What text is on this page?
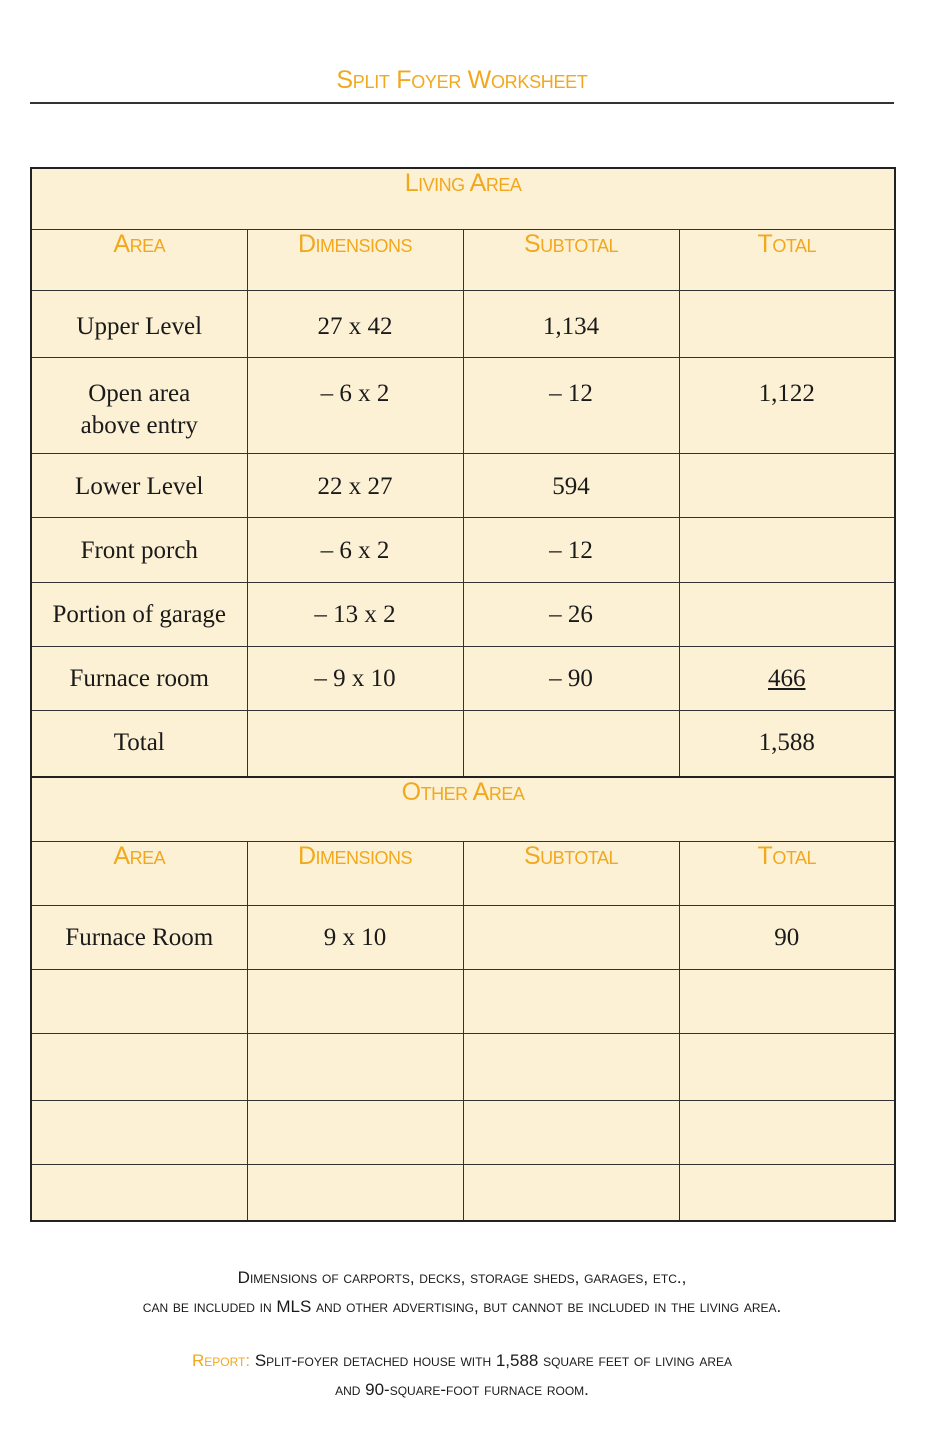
Split Foyer Worksheet
Living Area			
Area	Dimensions	Subtotal	Total

Upper Level	27 x 42	1,134	

Open area above entry	– 6 x 2	– 12	1,122

Lower Level	22 x 27	594	

Front porch	– 6 x 2	– 12	

Portion of garage	– 13 x 2	– 26	

Furnace room	– 9 x 10	– 90	466

Total			1,588

Other Area			
Area	Dimensions	Subtotal	Total

Furnace Room	9 x 10		90

Dimensions of carports, decks, storage sheds, garages, etc.,
can be included in MLS and other advertising, but cannot be included in the living area.
Report: Split-foyer detached house with 1,588 square feet of living area
and 90-square-foot furnace room.
